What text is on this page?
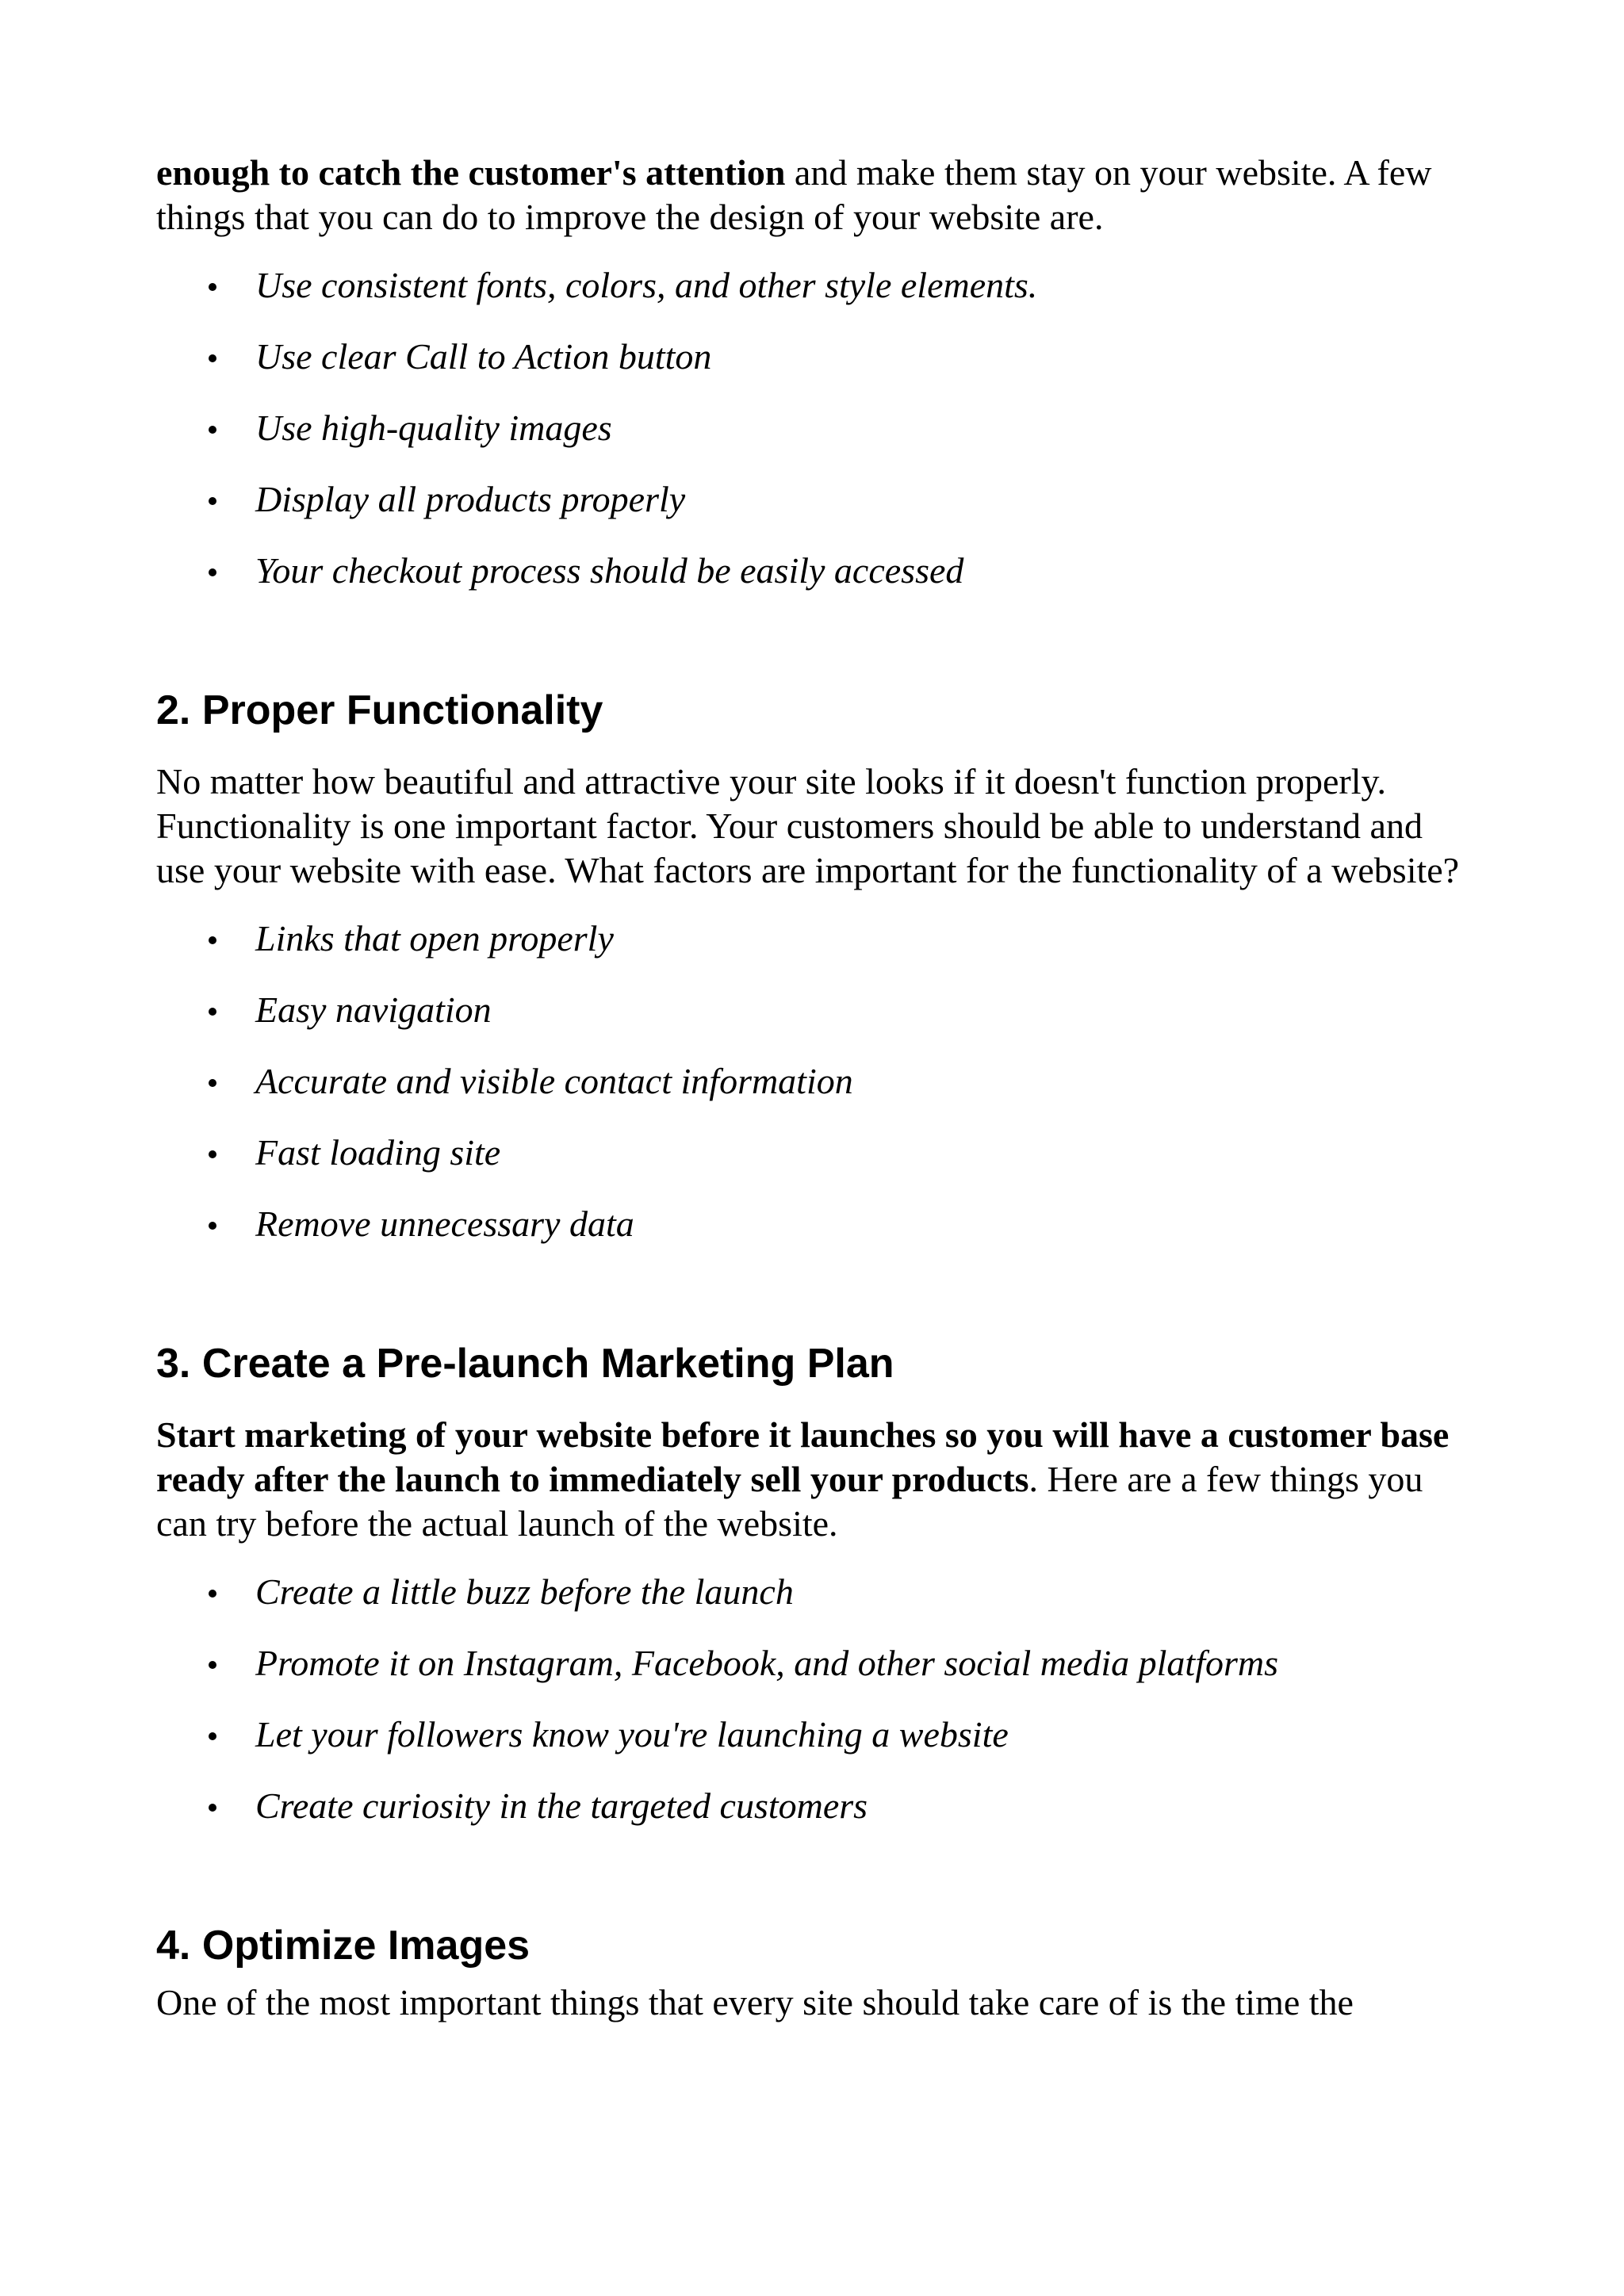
enough to catch the customer's attention and make them stay on your website. A few things that you can do to improve the design of your website are.

Use consistent fonts, colors, and other style elements.
Use clear Call to Action button
Use high-quality images
Display all products properly
Your checkout process should be easily accessed
2. Proper Functionality

No matter how beautiful and attractive your site looks if it doesn't function properly. Functionality is one important factor. Your customers should be able to understand and use your website with ease. What factors are important for the functionality of a website?

Links that open properly
Easy navigation
Accurate and visible contact information
Fast loading site
Remove unnecessary data
3. Create a Pre-launch Marketing Plan

Start marketing of your website before it launches so you will have a customer base ready after the launch to immediately sell your products. Here are a few things you can try before the actual launch of the website.

Create a little buzz before the launch
Promote it on Instagram, Facebook, and other social media platforms
Let your followers know you're launching a website
Create curiosity in the targeted customers
4. Optimize Images

One of the most important things that every site should take care of is the time the
